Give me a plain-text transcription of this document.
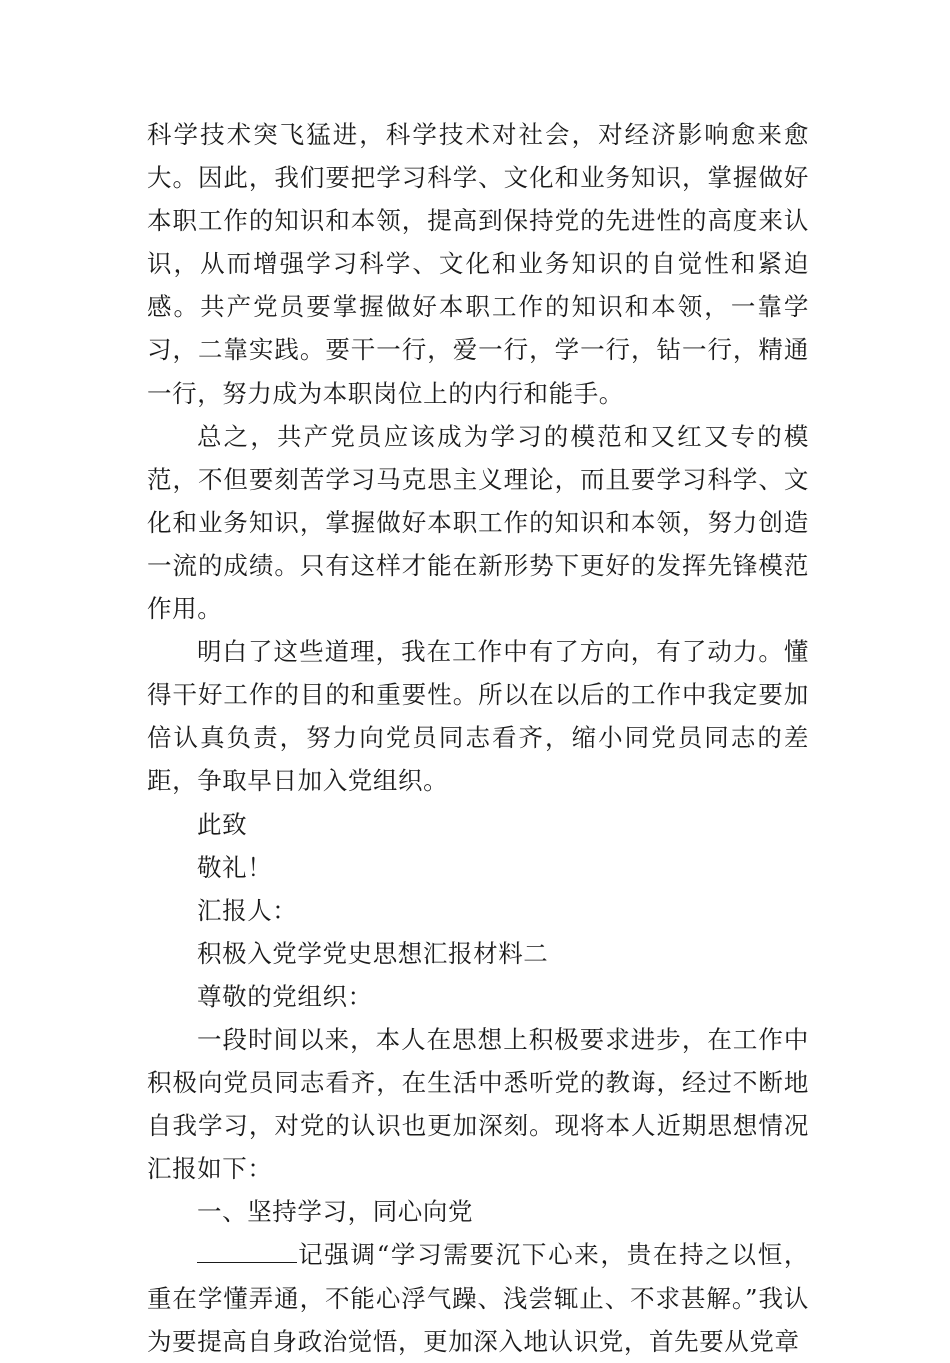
科学技术突飞猛进，科学技术对社会，对经济影响愈来愈大。因此，我们要把学习科学、文化和业务知识，掌握做好本职工作的知识和本领，提高到保持党的先进性的高度来认识，从而增强学习科学、文化和业务知识的自觉性和紧迫感。共产党员要掌握做好本职工作的知识和本领，一靠学习，二靠实践。要干一行，爱一行，学一行，钻一行，精通一行，努力成为本职岗位上的内行和能手。

总之，共产党员应该成为学习的模范和又红又专的模范，不但要刻苦学习马克思主义理论，而且要学习科学、文化和业务知识，掌握做好本职工作的知识和本领，努力创造一流的成绩。只有这样才能在新形势下更好的发挥先锋模范作用。

明白了这些道理，我在工作中有了方向，有了动力。懂得干好工作的目的和重要性。所以在以后的工作中我定要加倍认真负责，努力向党员同志看齐，缩小同党员同志的差距，争取早日加入党组织。

此致

敬礼！

汇报人：

积极入党学党史思想汇报材料二

尊敬的党组织：

一段时间以来，本人在思想上积极要求进步，在工作中积极向党员同志看齐，在生活中悉听党的教诲，经过不断地自我学习，对党的认识也更加深刻。现将本人近期思想情况汇报如下：

一、坚持学习，同心向党

记强调“学习需要沉下心来，贵在持之以恒，重在学懂弄通，不能心浮气躁、浅尝辄止、不求甚解。”我认为要提高自身政治觉悟，更加深入地认识党，首先要从党章
